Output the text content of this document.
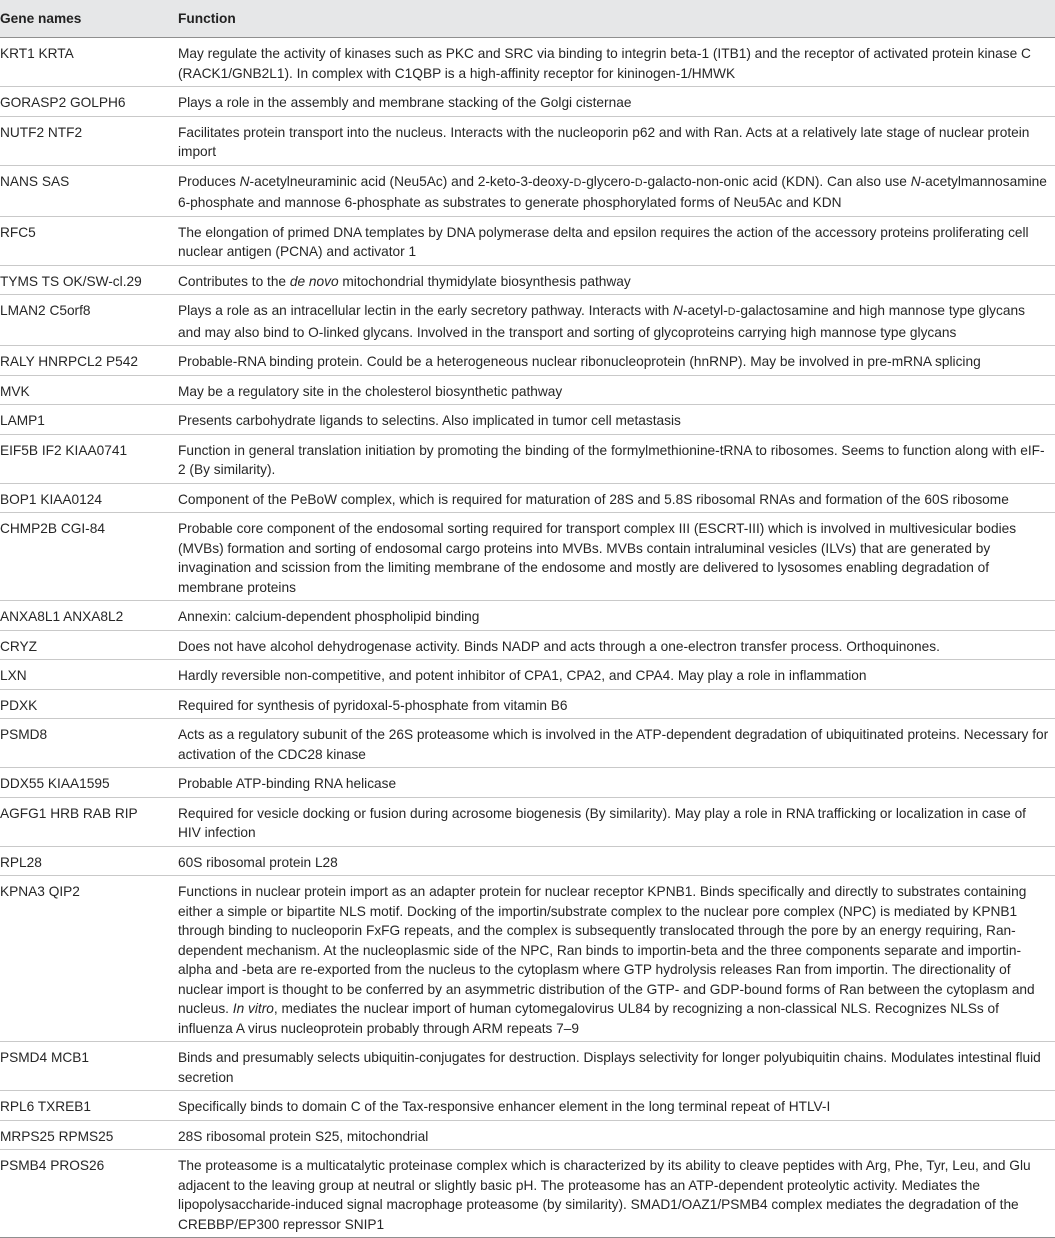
Gene names	Function
KRT1 KRTA	May regulate the activity of kinases such as PKC and SRC via binding to integrin beta-1 (ITB1) and the receptor of activated protein kinase C (RACK1/GNB2L1). In complex with C1QBP is a high-affinity receptor for kininogen-1/HMWK
GORASP2 GOLPH6	Plays a role in the assembly and membrane stacking of the Golgi cisternae
NUTF2 NTF2	Facilitates protein transport into the nucleus. Interacts with the nucleoporin p62 and with Ran. Acts at a relatively late stage of nuclear protein import
NANS SAS	Produces N-acetylneuraminic acid (Neu5Ac) and 2-keto-3-deoxy-D-glycero-D-galacto-non-onic acid (KDN). Can also use N-acetylmannosamine 6-phosphate and mannose 6-phosphate as substrates to generate phosphorylated forms of Neu5Ac and KDN
RFC5	The elongation of primed DNA templates by DNA polymerase delta and epsilon requires the action of the accessory proteins proliferating cell nuclear antigen (PCNA) and activator 1
TYMS TS OK/SW-cl.29	Contributes to the de novo mitochondrial thymidylate biosynthesis pathway
LMAN2 C5orf8	Plays a role as an intracellular lectin in the early secretory pathway. Interacts with N-acetyl-D-galactosamine and high mannose type glycans and may also bind to O-linked glycans. Involved in the transport and sorting of glycoproteins carrying high mannose type glycans
RALY HNRPCL2 P542	Probable-RNA binding protein. Could be a heterogeneous nuclear ribonucleoprotein (hnRNP). May be involved in pre-mRNA splicing
MVK	May be a regulatory site in the cholesterol biosynthetic pathway
LAMP1	Presents carbohydrate ligands to selectins. Also implicated in tumor cell metastasis
EIF5B IF2 KIAA0741	Function in general translation initiation by promoting the binding of the formylmethionine-tRNA to ribosomes. Seems to function along with eIF-2 (By similarity).
BOP1 KIAA0124	Component of the PeBoW complex, which is required for maturation of 28S and 5.8S ribosomal RNAs and formation of the 60S ribosome
CHMP2B CGI-84	Probable core component of the endosomal sorting required for transport complex III (ESCRT-III) which is involved in multivesicular bodies (MVBs) formation and sorting of endosomal cargo proteins into MVBs. MVBs contain intraluminal vesicles (ILVs) that are generated by invagination and scission from the limiting membrane of the endosome and mostly are delivered to lysosomes enabling degradation of membrane proteins
ANXA8L1 ANXA8L2	Annexin: calcium-dependent phospholipid binding
CRYZ	Does not have alcohol dehydrogenase activity. Binds NADP and acts through a one-electron transfer process. Orthoquinones.
LXN	Hardly reversible non-competitive, and potent inhibitor of CPA1, CPA2, and CPA4. May play a role in inflammation
PDXK	Required for synthesis of pyridoxal-5-phosphate from vitamin B6
PSMD8	Acts as a regulatory subunit of the 26S proteasome which is involved in the ATP-dependent degradation of ubiquitinated proteins. Necessary for activation of the CDC28 kinase
DDX55 KIAA1595	Probable ATP-binding RNA helicase
AGFG1 HRB RAB RIP	Required for vesicle docking or fusion during acrosome biogenesis (By similarity). May play a role in RNA trafficking or localization in case of HIV infection
RPL28	60S ribosomal protein L28
KPNA3 QIP2	Functions in nuclear protein import as an adapter protein for nuclear receptor KPNB1. Binds specifically and directly to substrates containing either a simple or bipartite NLS motif. Docking of the importin/substrate complex to the nuclear pore complex (NPC) is mediated by KPNB1 through binding to nucleoporin FxFG repeats, and the complex is subsequently translocated through the pore by an energy requiring, Ran-dependent mechanism. At the nucleoplasmic side of the NPC, Ran binds to importin-beta and the three components separate and importin-alpha and -beta are re-exported from the nucleus to the cytoplasm where GTP hydrolysis releases Ran from importin. The directionality of nuclear import is thought to be conferred by an asymmetric distribution of the GTP- and GDP-bound forms of Ran between the cytoplasm and nucleus. In vitro, mediates the nuclear import of human cytomegalovirus UL84 by recognizing a non-classical NLS. Recognizes NLSs of influenza A virus nucleoprotein probably through ARM repeats 7–9
PSMD4 MCB1	Binds and presumably selects ubiquitin-conjugates for destruction. Displays selectivity for longer polyubiquitin chains. Modulates intestinal fluid secretion
RPL6 TXREB1	Specifically binds to domain C of the Tax-responsive enhancer element in the long terminal repeat of HTLV-I
MRPS25 RPMS25	28S ribosomal protein S25, mitochondrial
PSMB4 PROS26	The proteasome is a multicatalytic proteinase complex which is characterized by its ability to cleave peptides with Arg, Phe, Tyr, Leu, and Glu adjacent to the leaving group at neutral or slightly basic pH. The proteasome has an ATP-dependent proteolytic activity. Mediates the lipopolysaccharide-induced signal macrophage proteasome (by similarity). SMAD1/OAZ1/PSMB4 complex mediates the degradation of the CREBBP/EP300 repressor SNIP1
